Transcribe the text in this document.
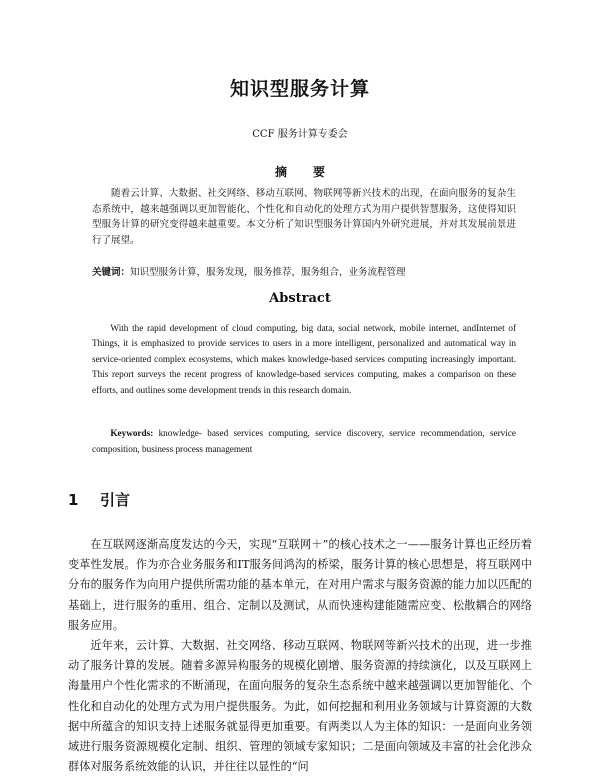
知识型服务计算
CCF 服务计算专委会
摘要
随着云计算、大数据、社交网络、移动互联网、物联网等新兴技术的出现，在面向服务的复杂生态系统中，越来越强调以更加智能化、个性化和自动化的处理方式为用户提供智慧服务，这使得知识型服务计算的研究变得越来越重要。本文分析了知识型服务计算国内外研究进展，并对其发展前景进行了展望。
关键词：知识型服务计算，服务发现，服务推荐，服务组合，业务流程管理
Abstract
With the rapid development of cloud computing, big data, social network, mobile internet, andInternet of Things, it is emphasized to provide services to users in a more intelligent, personalized and automatical way in service-oriented complex ecosystems, which makes knowledge-based services computing increasingly important. This report surveys the recent progress of knowledge-based services computing, makes a comparison on these efforts, and outlines some development trends in this research domain.
Keywords: knowledge- based services computing, service discovery, service recommendation, service composition, business process management
1 引言

在互联网逐渐高度发达的今天，实现“互联网＋”的核心技术之一——服务计算也正经历着变革性发展。作为亦合业务服务和IT服务间鸿沟的桥梁，服务计算的核心思想是，将互联网中分布的服务作为向用户提供所需功能的基本单元，在对用户需求与服务资源的能力加以匹配的基础上，进行服务的重用、组合、定制以及测试，从而快速构建能随需应变、松散耦合的网络服务应用。

近年来，云计算、大数据、社交网络、移动互联网、物联网等新兴技术的出现，进一步推动了服务计算的发展。随着多源异构服务的规模化剧增、服务资源的持续演化，以及互联网上海量用户个性化需求的不断涌现，在面向服务的复杂生态系统中越来越强调以更加智能化、个性化和自动化的处理方式为用户提供服务。为此，如何挖掘和利用业务领域与计算资源的大数据中所蕴含的知识支持上述服务就显得更加重要。有两类以人为主体的知识：一是面向业务领域进行服务资源规模化定制、组织、管理的领域专家知识；二是面向领域及丰富的社会化渉众群体对服务系统效能的认识，并往往以显性的“问
